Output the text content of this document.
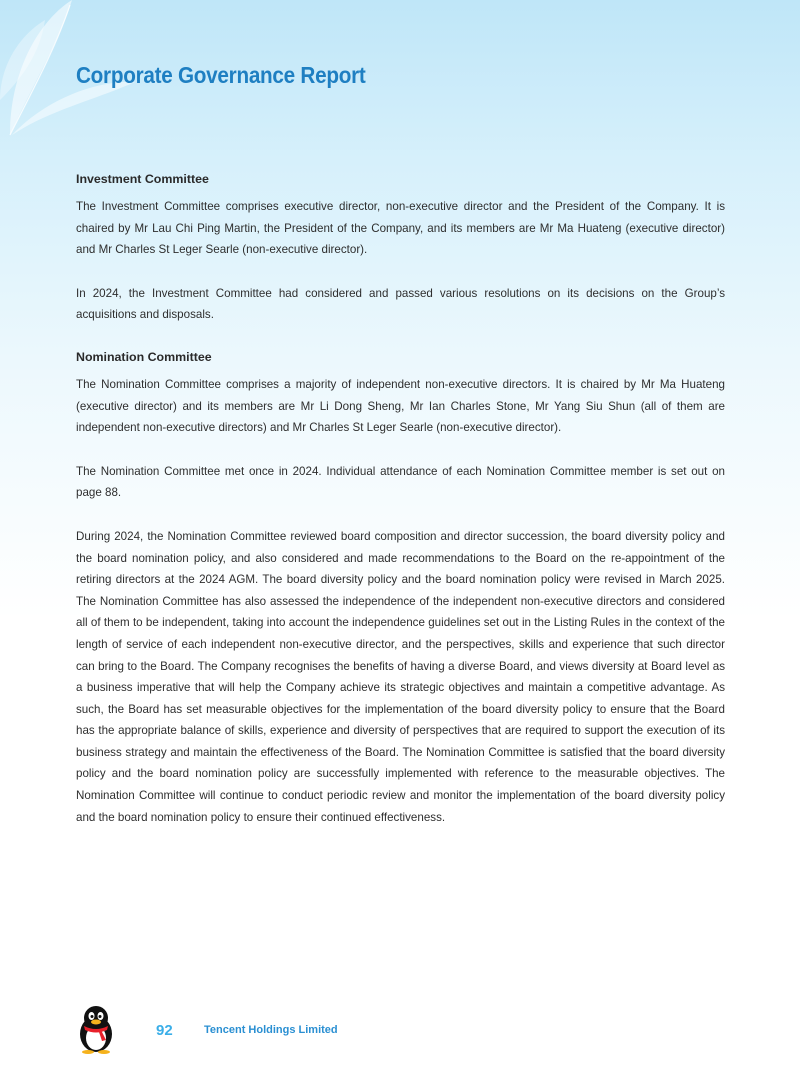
Corporate Governance Report
Investment Committee

The Investment Committee comprises executive director, non-executive director and the President of the Company. It is chaired by Mr Lau Chi Ping Martin, the President of the Company, and its members are Mr Ma Huateng (executive director) and Mr Charles St Leger Searle (non-executive director).

In 2024, the Investment Committee had considered and passed various resolutions on its decisions on the Group’s acquisitions and disposals.

Nomination Committee

The Nomination Committee comprises a majority of independent non-executive directors. It is chaired by Mr Ma Huateng (executive director) and its members are Mr Li Dong Sheng, Mr Ian Charles Stone, Mr Yang Siu Shun (all of them are independent non-executive directors) and Mr Charles St Leger Searle (non-executive director).

The Nomination Committee met once in 2024. Individual attendance of each Nomination Committee member is set out on page 88.

During 2024, the Nomination Committee reviewed board composition and director succession, the board diversity policy and the board nomination policy, and also considered and made recommendations to the Board on the re-appointment of the retiring directors at the 2024 AGM. The board diversity policy and the board nomination policy were revised in March 2025. The Nomination Committee has also assessed the independence of the independent non-executive directors and considered all of them to be independent, taking into account the independence guidelines set out in the Listing Rules in the context of the length of service of each independent non-executive director, and the perspectives, skills and experience that such director can bring to the Board. The Company recognises the benefits of having a diverse Board, and views diversity at Board level as a business imperative that will help the Company achieve its strategic objectives and maintain a competitive advantage. As such, the Board has set measurable objectives for the implementation of the board diversity policy to ensure that the Board has the appropriate balance of skills, experience and diversity of perspectives that are required to support the execution of its business strategy and maintain the effectiveness of the Board. The Nomination Committee is satisfied that the board diversity policy and the board nomination policy are successfully implemented with reference to the measurable objectives. The Nomination Committee will continue to conduct periodic review and monitor the implementation of the board diversity policy and the board nomination policy to ensure their continued effectiveness.

92	Tencent Holdings Limited
